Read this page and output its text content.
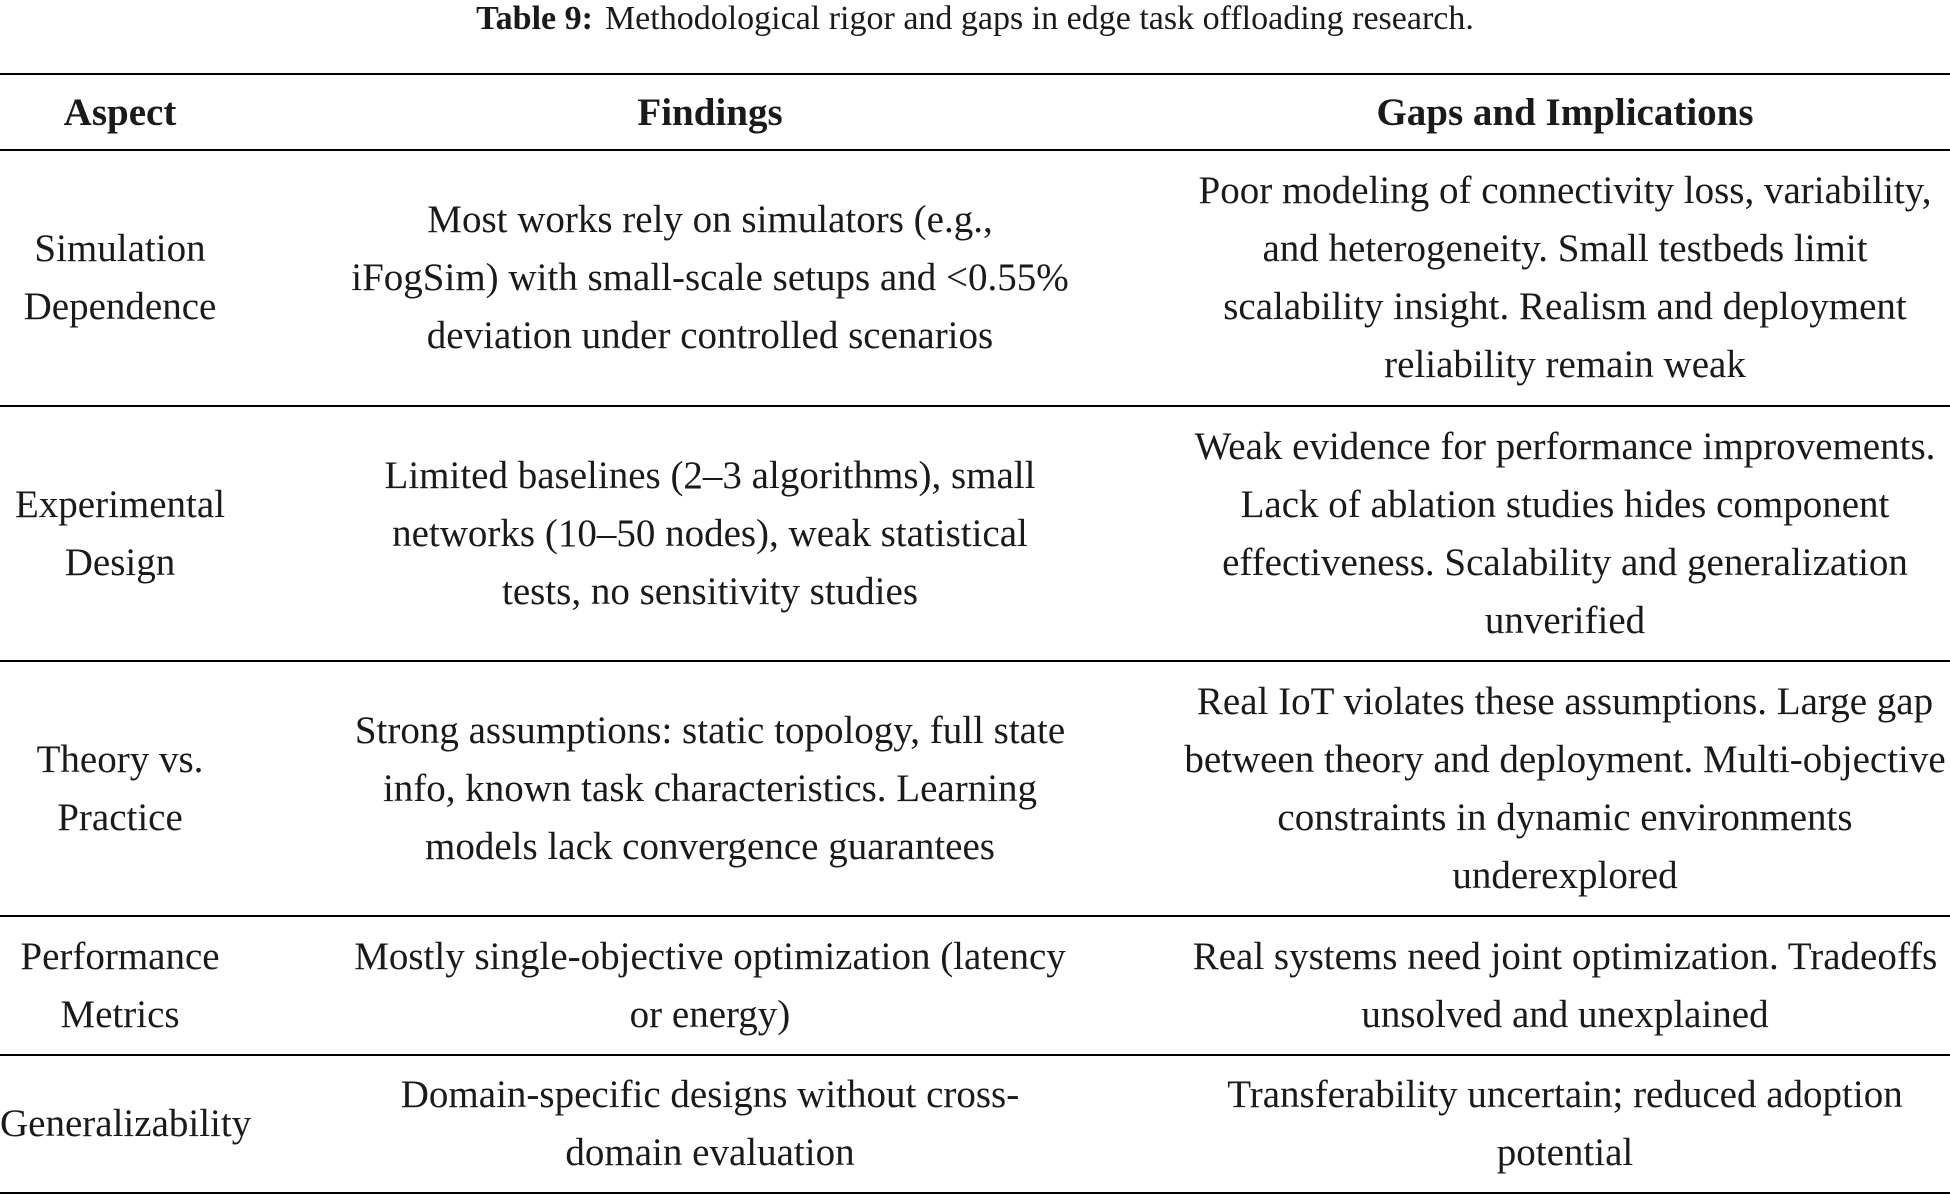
Table 9: Methodological rigor and gaps in edge task offloading research.
Aspect	Findings	Gaps and Implications

Simulation Dependence	Most works rely on simulators (e.g., iFogSim) with small-scale setups and <0.55% deviation under controlled scenarios	Poor modeling of connectivity loss, variability, and heterogeneity. Small testbeds limit scalability insight. Realism and deployment reliability remain weak

Experimental Design	Limited baselines (2–3 algorithms), small networks (10–50 nodes), weak statistical tests, no sensitivity studies	Weak evidence for performance improvements. Lack of ablation studies hides component effectiveness. Scalability and generalization unverified

Theory vs. Practice	Strong assumptions: static topology, full state info, known task characteristics. Learning models lack convergence guarantees	Real IoT violates these assumptions. Large gap between theory and deployment. Multi-objective constraints in dynamic environments underexplored

Performance Metrics	Mostly single-objective optimization (latency or energy)	Real systems need joint optimization. Tradeoffs unsolved and unexplained

Generalizability	Domain-specific designs without cross-domain evaluation	Transferability uncertain; reduced adoption potential
